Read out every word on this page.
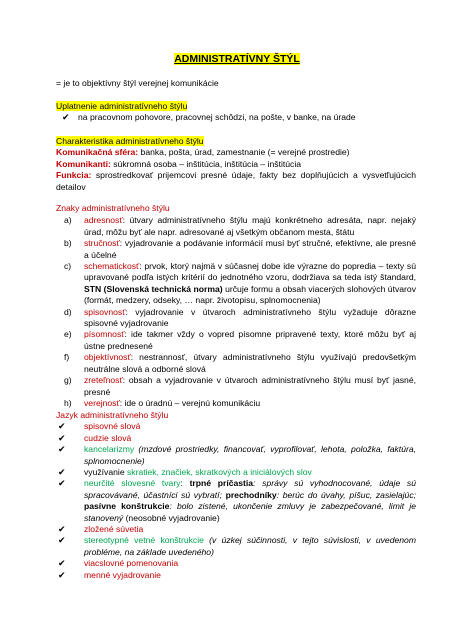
ADMINISTRATÍVNY ŠTÝL
= je to objektívny štýl verejnej komunikácie
Uplatnenie administratívneho štýlu
✔ na pracovnom pohovore, pracovnej schôdzi, na pošte, v banke, na úrade
Charakteristika administratívneho štýlu
Komunikačná sféra: banka, pošta, úrad, zamestnanie (= verejné prostredie)
Komunikanti: súkromná osoba – inštitúcia, inštitúcia – inštitúcia
Funkcia: sprostredkovať prijemcovi presné údaje, fakty bez doplňujúcich a vysvetľujúcich detailov
Znaky administratívneho štýlu
a) adresnosť: útvary administratívneho štýlu majú konkrétneho adresáta, napr. nejaký úrad, môžu byť ale napr. adresované aj všetkým občanom mesta, štátu
b) stručnosť: vyjadrovanie a podávanie informácií musí byť stručné, efektívne, ale presné a účelné
c) schematickosť: prvok, ktorý najmä v súčasnej dobe ide výrazne do popredia – texty sú upravované podľa istých kritérií do jednotného vzoru, dodržiava sa teda istý štandard, STN (Slovenská technická norma) určuje formu a obsah viacerých slohových útvarov (formát, medzery, odseky, … napr. životopisu, splnomocnenia)
d) spisovnosť: vyjadrovanie v útvaroch administratívneho štýlu vyžaduje dôrazne spisovné vyjadrovanie
e) písomnosť: ide takmer vždy o vopred písomne pripravené texty, ktoré môžu byť aj ústne prednesené
f) objektívnosť: nestrannosť, útvary administratívneho štýlu využívajú predovšetkým neutrálne slová a odborné slová
g) zreteľnosť: obsah a vyjadrovanie v útvaroch administratívneho štýlu musí byť jasné, presné
h) verejnosť: ide o úradnú – verejnú komunikáciu
Jazyk administratívneho štýlu
✔	spisovné slová
✔	cudzie slová
✔	kancelarizmy (mzdové prostriedky, financovať, vyprofilovať, lehota, položka, faktúra, splnomocnenie)
✔	využívanie skratiek, značiek, skratkových a iniciálových slov
✔	neurčité slovesné tvary: trpné príčastia: správy sú vyhodnocované, údaje sú spracovávané, účastníci sú vybratí; prechodníky: berúc do úvahy, píšuc, zasielajúc; pasívne konštrukcie: bolo zistené, ukončenie zmluvy je zabezpečované, limit je stanovený (neosobné vyjadrovanie)
✔	zložené súvetia
✔	stereotypné vetné konštrukcie (v úzkej súčinnosti, v tejto súvislosti, v uvedenom probléme, na základe uvedeného)
✔	viacslovné pomenovania
✔	menné vyjadrovanie
